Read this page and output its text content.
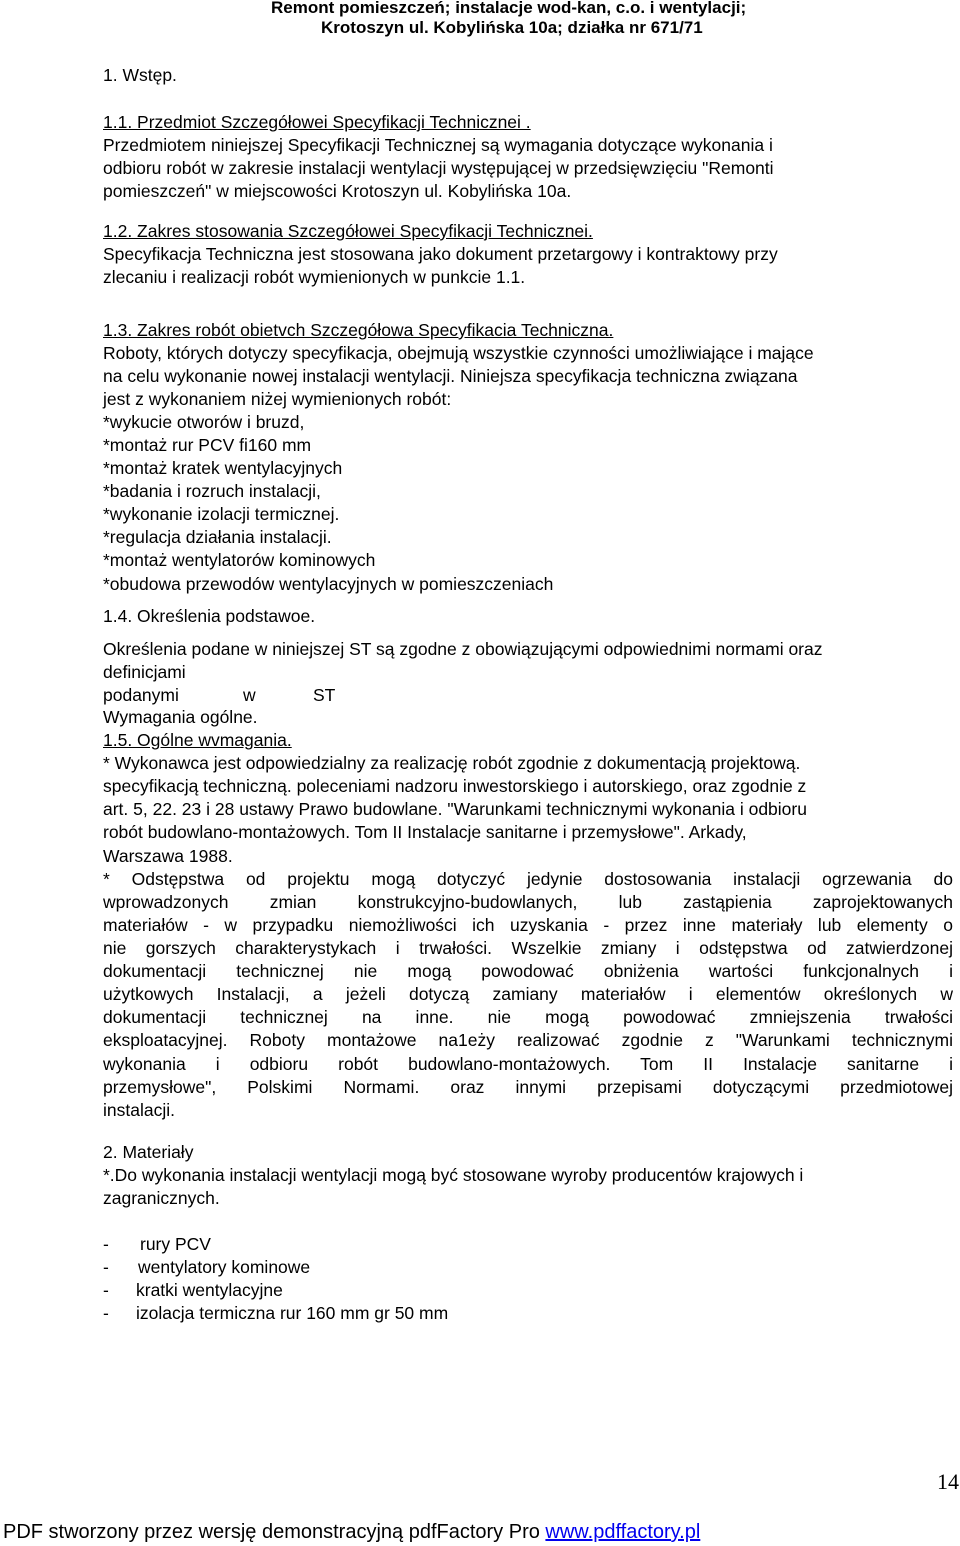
Remont pomieszczeń; instalacje wod-kan, c.o. i wentylacji;
Krotoszyn ul. Kobylińska 10a; działka nr 671/71
1. Wstęp.
1.1. Przedmiot Szczegółowei Specyfikacji Technicznei .
Przedmiotem niniejszej Specyfikacji Technicznej są wymagania dotyczące wykonania i
odbioru robót w zakresie instalacji wentylacji występującej w przedsięwzięciu "Remonti
pomieszczeń" w miejscowości Krotoszyn ul. Kobylińska 10a.
1.2. Zakres stosowania Szczegółowei Specyfikacji Technicznei.
Specyfikacja Techniczna jest stosowana jako dokument przetargowy i kontraktowy przy
zlecaniu i realizacji robót wymienionych w punkcie 1.1.
1.3. Zakres robót obietvch Szczegółowa Specyfikacia Techniczna.
Roboty, których dotyczy specyfikacja, obejmują wszystkie czynności umożliwiające i mające
na celu wykonanie nowej instalacji wentylacji. Niniejsza specyfikacja techniczna związana
jest z wykonaniem niżej wymienionych robót:
*wykucie otworów i bruzd,
*montaż rur PCV fi160 mm
*montaż kratek wentylacyjnych
*badania i rozruch instalacji,
*wykonanie izolacji termicznej.
*regulacja działania instalacji.
*montaż wentylatorów kominowych
*obudowa przewodów wentylacyjnych w pomieszczeniach
1.4. Określenia podstawoe.
Określenia podane w niniejszej ST są zgodne z obowiązującymi odpowiednimi normami oraz
definicjami
podanymi	w	ST
Wymagania ogólne.
1.5. Ogólne wvmagania.
* Wykonawca jest odpowiedzialny za realizację robót zgodnie z dokumentacją projektową.
specyfikacją techniczną. poleceniami nadzoru inwestorskiego i autorskiego, oraz zgodnie z
art. 5, 22. 23 i 28 ustawy Prawo budowlane. "Warunkami technicznymi wykonania i odbioru
robót budowlano-montażowych. Tom II Instalacje sanitarne i przemysłowe". Arkady,
Warszawa 1988.
* Odstępstwa od projektu mogą dotyczyć jedynie dostosowania instalacji ogrzewania do
wprowadzonych zmian konstrukcyjno-budowlanych, lub zastąpienia zaprojektowanych
materiałów - w przypadku niemożliwości ich uzyskania - przez inne materiały lub elementy o
nie gorszych charakterystykach i trwałości. Wszelkie zmiany i odstępstwa od zatwierdzonej
dokumentacji technicznej nie mogą powodować obniżenia wartości funkcjonalnych i
użytkowych Instalacji, a jeżeli dotyczą zamiany materiałów i elementów określonych w
dokumentacji technicznej na inne. nie mogą powodować zmniejszenia trwałości
eksploatacyjnej. Roboty montażowe na1eży realizować zgodnie z "Warunkami technicznymi
wykonania i odbioru robót budowlano-montażowych. Tom II Instalacje sanitarne i
przemysłowe", Polskimi Normami. oraz innymi przepisami dotyczącymi przedmiotowej
instalacji.
2. Materiały
*.Do wykonania instalacji wentylacji mogą być stosowane wyroby producentów krajowych i
zagranicznych.
- rury PCV
- wentylatory kominowe
- kratki wentylacyjne
- izolacja termiczna rur 160 mm gr 50 mm
14
PDF stworzony przez wersję demonstracyjną pdfFactory Pro www.pdffactory.pl
